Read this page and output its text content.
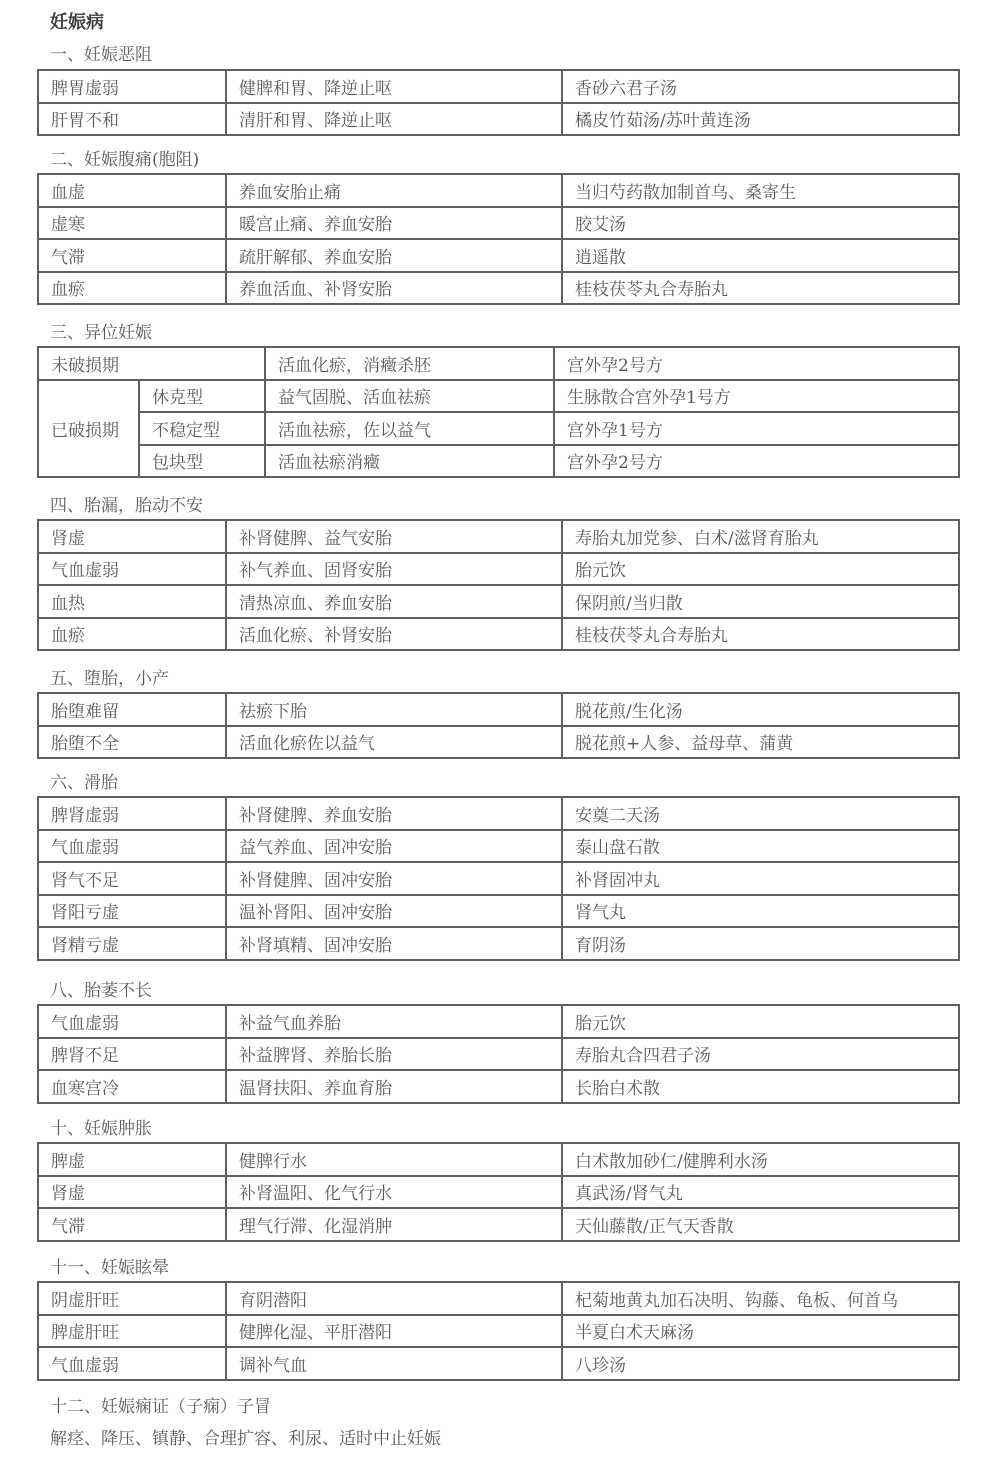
妊娠病
一、妊娠恶阻
脾胃虚弱	健脾和胃、降逆止呕	香砂六君子汤
肝胃不和	清肝和胃、降逆止呕	橘皮竹茹汤/苏叶黄连汤
二、妊娠腹痛(胞阻)
血虚	养血安胎止痛	当归芍药散加制首乌、桑寄生
虚寒	暖宫止痛、养血安胎	胶艾汤
气滞	疏肝解郁、养血安胎	逍遥散
血瘀	养血活血、补肾安胎	桂枝茯苓丸合寿胎丸
三、异位妊娠
未破损期		活血化瘀，消癥杀胚	宫外孕2号方
已破损期	休克型	益气固脱、活血祛瘀	生脉散合宫外孕1号方
	不稳定型	活血祛瘀，佐以益气	宫外孕1号方
	包块型	活血祛瘀消癥	宫外孕2号方
四、胎漏，胎动不安
肾虚	补肾健脾、益气安胎	寿胎丸加党参、白术/滋肾育胎丸
气血虚弱	补气养血、固肾安胎	胎元饮
血热	清热凉血、养血安胎	保阴煎/当归散
血瘀	活血化瘀、补肾安胎	桂枝茯苓丸合寿胎丸
五、堕胎，小产
胎堕难留	祛瘀下胎	脱花煎/生化汤
胎堕不全	活血化瘀佐以益气	脱花煎+人参、益母草、蒲黄
六、滑胎
脾肾虚弱	补肾健脾、养血安胎	安奠二天汤
气血虚弱	益气养血、固冲安胎	泰山盘石散
肾气不足	补肾健脾、固冲安胎	补肾固冲丸
肾阳亏虚	温补肾阳、固冲安胎	肾气丸
肾精亏虚	补肾填精、固冲安胎	育阴汤
八、胎萎不长
气血虚弱	补益气血养胎	胎元饮
脾肾不足	补益脾肾、养胎长胎	寿胎丸合四君子汤
血寒宫冷	温肾扶阳、养血育胎	长胎白术散
十、妊娠肿胀
脾虚	健脾行水	白术散加砂仁/健脾利水汤
肾虚	补肾温阳、化气行水	真武汤/肾气丸
气滞	理气行滞、化湿消肿	天仙藤散/正气天香散
十一、妊娠眩晕
阴虚肝旺	育阴潜阳	杞菊地黄丸加石决明、钩藤、龟板、何首乌
脾虚肝旺	健脾化湿、平肝潜阳	半夏白术天麻汤
气血虚弱	调补气血	八珍汤
十二、妊娠痫证（子痫）子冒
解痉、降压、镇静、合理扩容、利尿、适时中止妊娠
